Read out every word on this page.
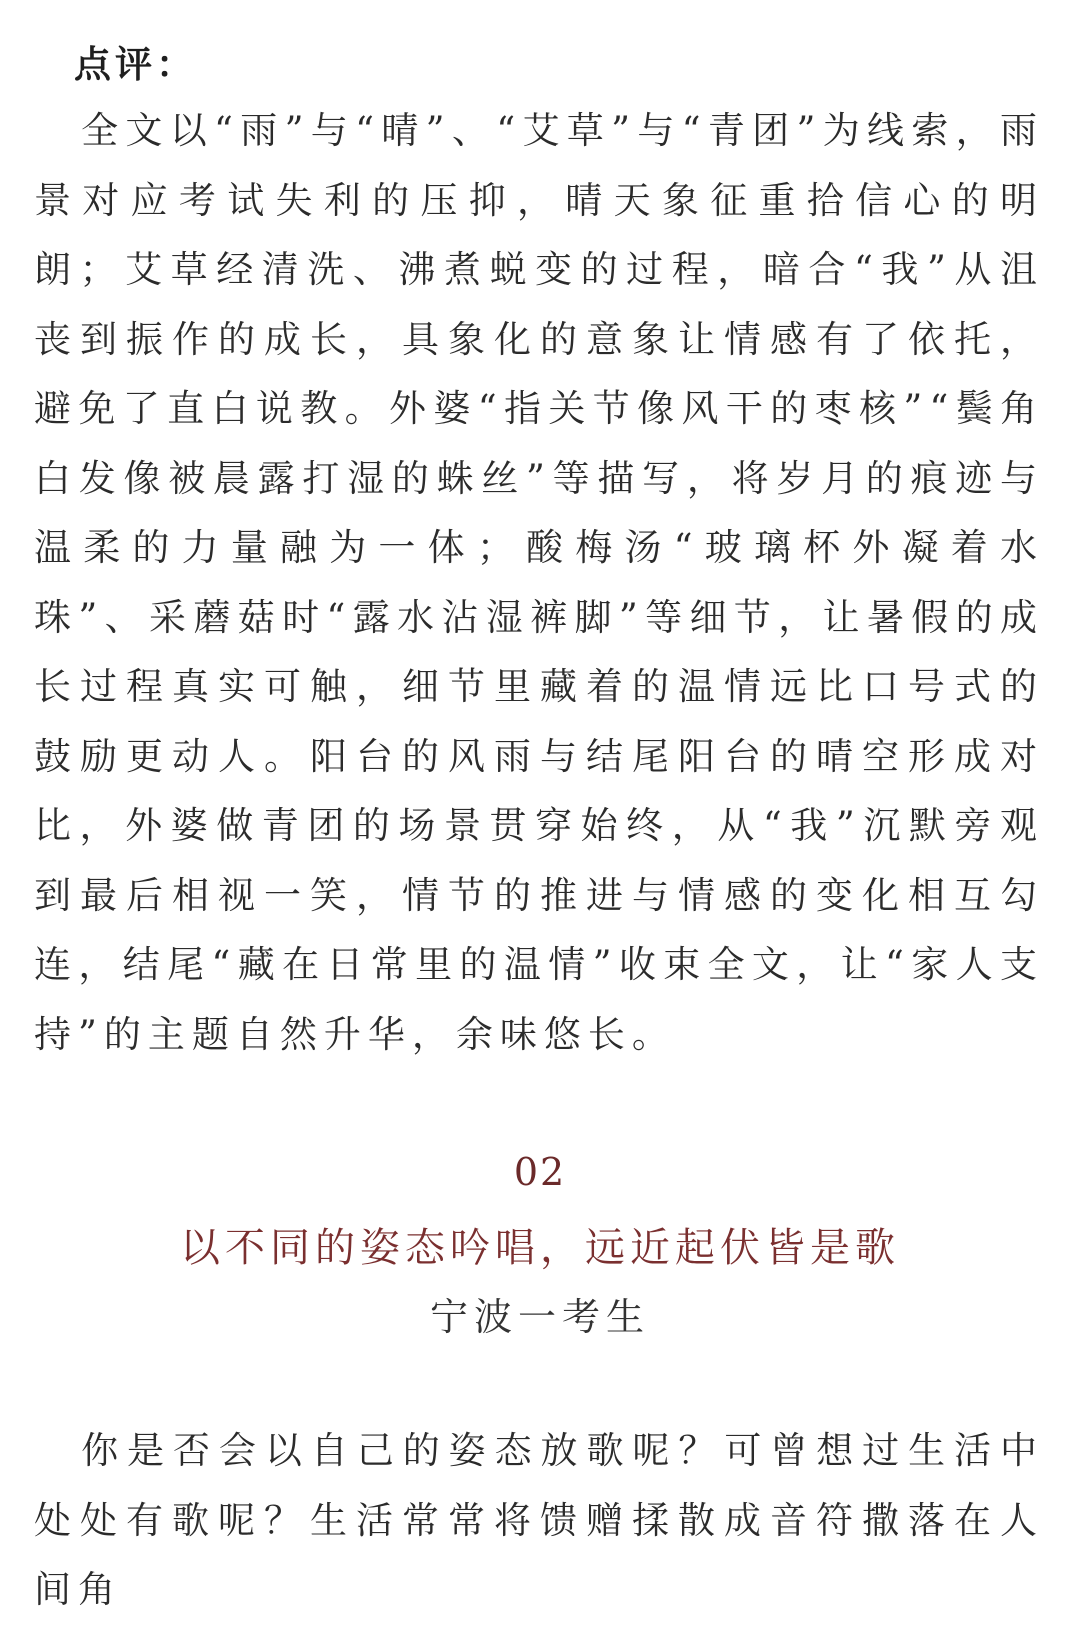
点评：

全文以“雨”与“晴”、“艾草”与“青团”为线索，雨景对应考试失利的压抑，晴天象征重拾信心的明朗；艾草经清洗、沸煮蜕变的过程，暗合“我”从沮丧到振作的成长，具象化的意象让情感有了依托，避免了直白说教。外婆“指关节像风干的枣核”“鬓角白发像被晨露打湿的蛛丝”等描写，将岁月的痕迹与温柔的力量融为一体；酸梅汤“玻璃杯外凝着水珠”、采蘑菇时“露水沾湿裤脚”等细节，让暑假的成长过程真实可触，细节里藏着的温情远比口号式的鼓励更动人。阳台的风雨与结尾阳台的晴空形成对比，外婆做青团的场景贯穿始终，从“我”沉默旁观到最后相视一笑，情节的推进与情感的变化相互勾连，结尾“藏在日常里的温情”收束全文，让“家人支持”的主题自然升华，余味悠长。

02
以不同的姿态吟唱，远近起伏皆是歌
宁波一考生

你是否会以自己的姿态放歌呢？可曾想过生活中处处有歌呢？生活常常将馈赠揉散成音符撒落在人间角
